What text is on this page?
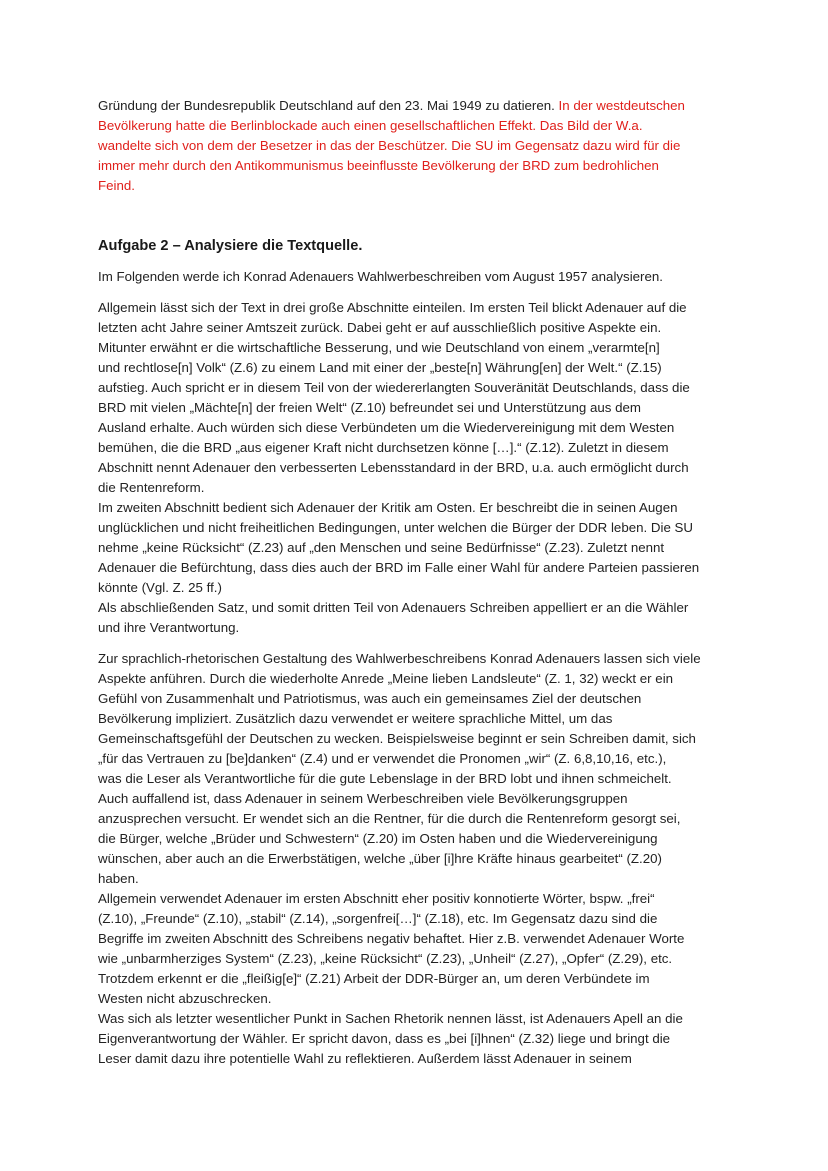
Gründung der Bundesrepublik Deutschland auf den 23. Mai 1949 zu datieren. In der westdeutschen
Bevölkerung hatte die Berlinblockade auch einen gesellschaftlichen Effekt. Das Bild der W.a.
wandelte sich von dem der Besetzer in das der Beschützer. Die SU im Gegensatz dazu wird für die
immer mehr durch den Antikommunismus beeinflusste Bevölkerung der BRD zum bedrohlichen
Feind.
Aufgabe 2 – Analysiere die Textquelle.
Im Folgenden werde ich Konrad Adenauers Wahlwerbeschreiben vom August 1957 analysieren.
Allgemein lässt sich der Text in drei große Abschnitte einteilen. Im ersten Teil blickt Adenauer auf die
letzten acht Jahre seiner Amtszeit zurück. Dabei geht er auf ausschließlich positive Aspekte ein.
Mitunter erwähnt er die wirtschaftliche Besserung, und wie Deutschland von einem „verarmte[n]
und rechtlose[n] Volk“ (Z.6) zu einem Land mit einer der „beste[n] Währung[en] der Welt.“ (Z.15)
aufstieg. Auch spricht er in diesem Teil von der wiedererlangten Souveränität Deutschlands, dass die
BRD mit vielen „Mächte[n] der freien Welt“ (Z.10) befreundet sei und Unterstützung aus dem
Ausland erhalte. Auch würden sich diese Verbündeten um die Wiedervereinigung mit dem Westen
bemühen, die die BRD „aus eigener Kraft nicht durchsetzen könne […].“ (Z.12). Zuletzt in diesem
Abschnitt nennt Adenauer den verbesserten Lebensstandard in der BRD, u.a. auch ermöglicht durch
die Rentenreform.
Im zweiten Abschnitt bedient sich Adenauer der Kritik am Osten. Er beschreibt die in seinen Augen
unglücklichen und nicht freiheitlichen Bedingungen, unter welchen die Bürger der DDR leben. Die SU
nehme „keine Rücksicht“ (Z.23) auf „den Menschen und seine Bedürfnisse“ (Z.23). Zuletzt nennt
Adenauer die Befürchtung, dass dies auch der BRD im Falle einer Wahl für andere Parteien passieren
könnte (Vgl. Z. 25 ff.)
Als abschließenden Satz, und somit dritten Teil von Adenauers Schreiben appelliert er an die Wähler
und ihre Verantwortung.
Zur sprachlich-rhetorischen Gestaltung des Wahlwerbeschreibens Konrad Adenauers lassen sich viele
Aspekte anführen. Durch die wiederholte Anrede „Meine lieben Landsleute“ (Z. 1, 32) weckt er ein
Gefühl von Zusammenhalt und Patriotismus, was auch ein gemeinsames Ziel der deutschen
Bevölkerung impliziert. Zusätzlich dazu verwendet er weitere sprachliche Mittel, um das
Gemeinschaftsgefühl der Deutschen zu wecken. Beispielsweise beginnt er sein Schreiben damit, sich
„für das Vertrauen zu [be]danken“ (Z.4) und er verwendet die Pronomen „wir“ (Z. 6,8,10,16, etc.),
was die Leser als Verantwortliche für die gute Lebenslage in der BRD lobt und ihnen schmeichelt.
Auch auffallend ist, dass Adenauer in seinem Werbeschreiben viele Bevölkerungsgruppen
anzusprechen versucht. Er wendet sich an die Rentner, für die durch die Rentenreform gesorgt sei,
die Bürger, welche „Brüder und Schwestern“ (Z.20) im Osten haben und die Wiedervereinigung
wünschen, aber auch an die Erwerbstätigen, welche „über [i]hre Kräfte hinaus gearbeitet“ (Z.20)
haben.
Allgemein verwendet Adenauer im ersten Abschnitt eher positiv konnotierte Wörter, bspw. „frei“
(Z.10), „Freunde“ (Z.10), „stabil“ (Z.14), „sorgenfrei[…]“ (Z.18), etc. Im Gegensatz dazu sind die
Begriffe im zweiten Abschnitt des Schreibens negativ behaftet. Hier z.B. verwendet Adenauer Worte
wie „unbarmherziges System“ (Z.23), „keine Rücksicht“ (Z.23), „Unheil“ (Z.27), „Opfer“ (Z.29), etc.
Trotzdem erkennt er die „fleißig[e]“ (Z.21) Arbeit der DDR-Bürger an, um deren Verbündete im
Westen nicht abzuschrecken.
Was sich als letzter wesentlicher Punkt in Sachen Rhetorik nennen lässt, ist Adenauers Apell an die
Eigenverantwortung der Wähler. Er spricht davon, dass es „bei [i]hnen“ (Z.32) liege und bringt die
Leser damit dazu ihre potentielle Wahl zu reflektieren. Außerdem lässt Adenauer in seinem
